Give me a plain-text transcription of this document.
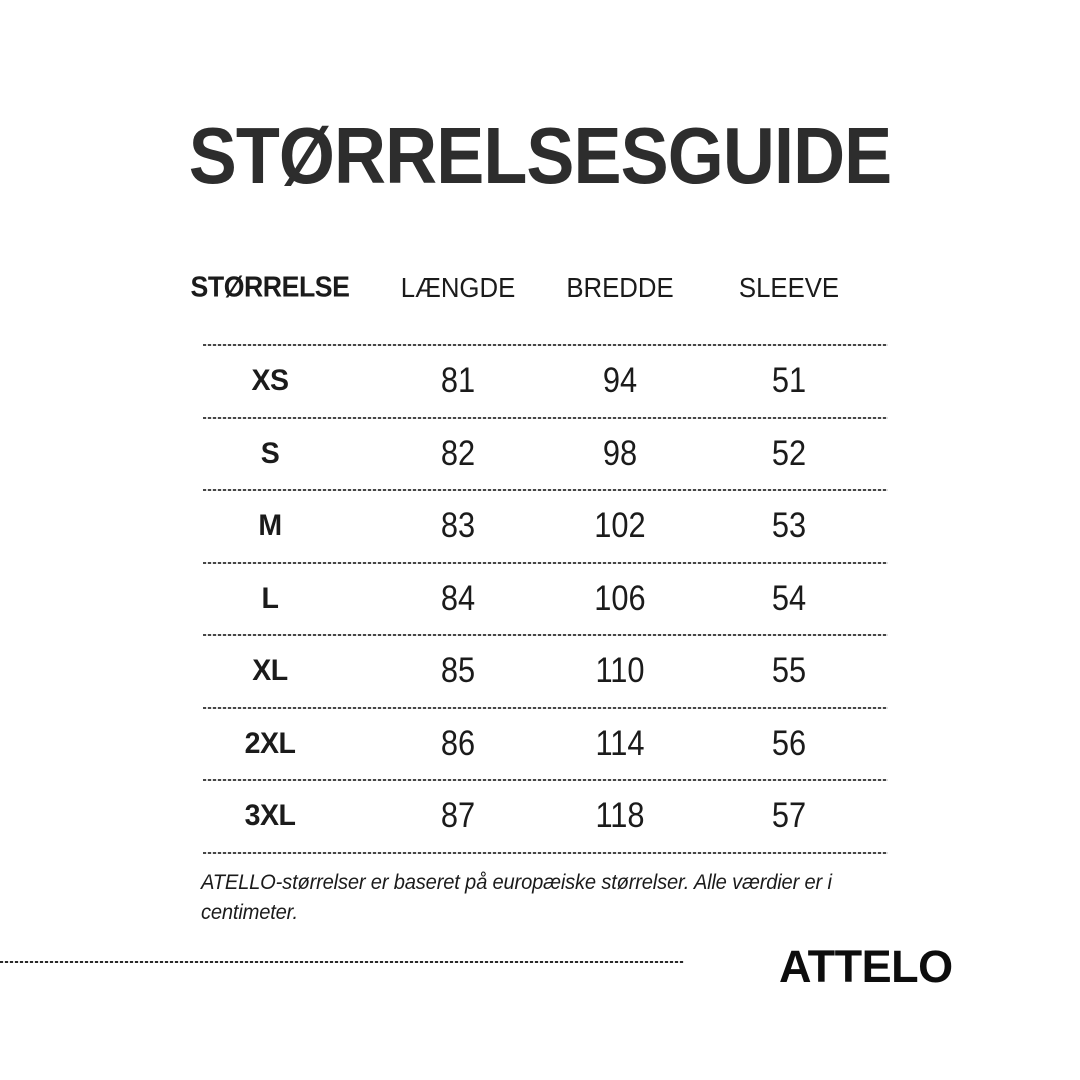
STØRRELSESGUIDE
STØRRELSE LÆNGDE BREDDE SLEEVE
XS	81	94	51
S	82	98	52
M	83	102	53
L	84	106	54
XL	85	110	55
2XL	86	114	56
3XL	87	118	57

ATELLO-størrelser er baseret på europæiske størrelser. Alle værdier er i centimeter.

ATTELO
